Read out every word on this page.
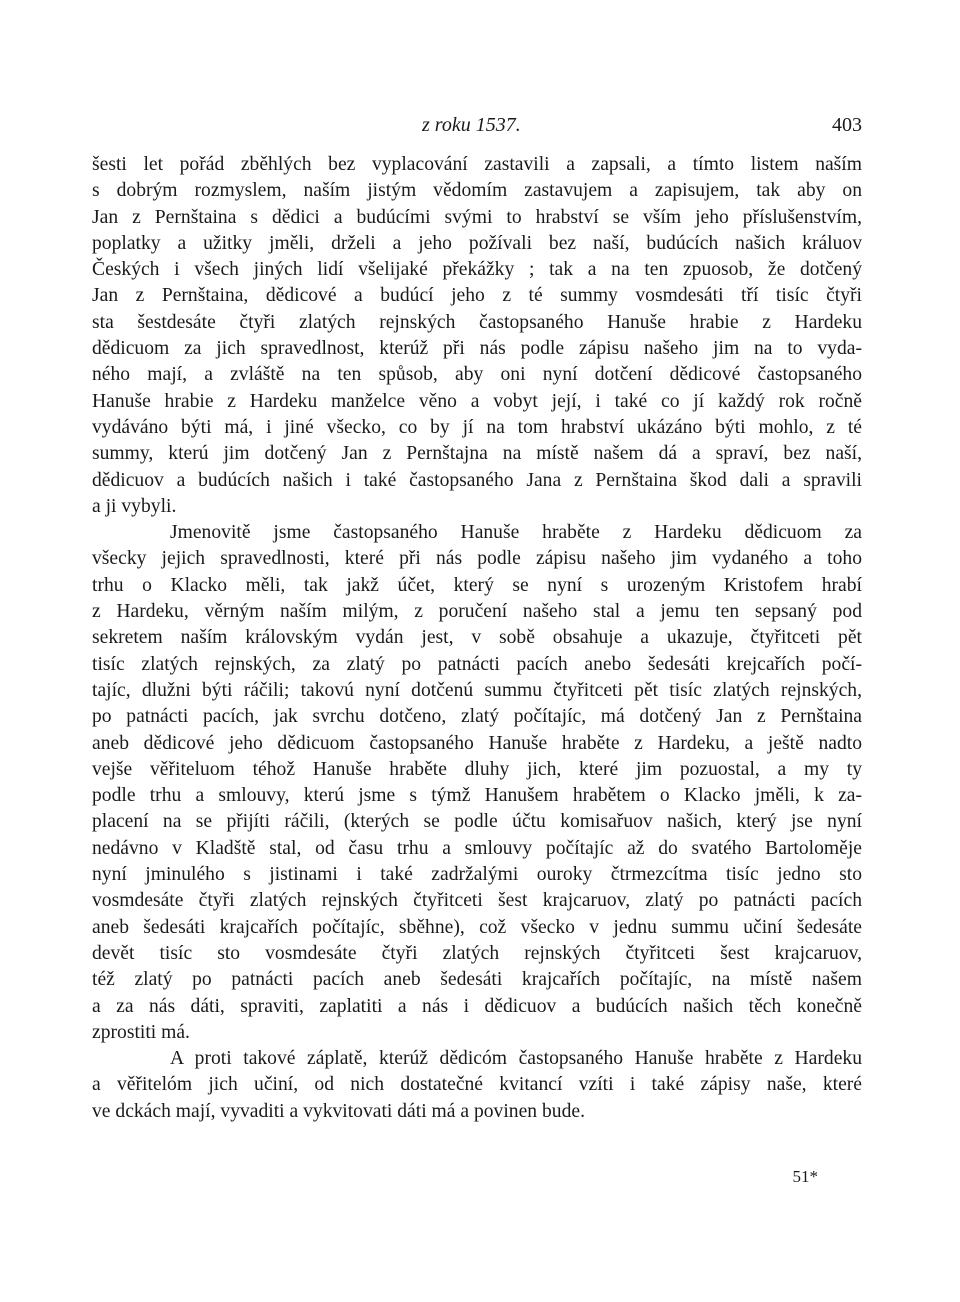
z roku 1537.	403
šesti let pořád zběhlých bez vyplacování zastavili a zapsali, a tímto listem naším
s dobrým rozmyslem, naším jistým vědomím zastavujem a zapisujem, tak aby on
Jan z Pernštaina s dědici a budúcími svými to hrabství se vším jeho příslušenstvím,
poplatky a užitky jměli, drželi a jeho požívali bez naší, budúcích našich králuov
Českých i všech jiných lidí všelijaké překážky ; tak a na ten zpuosob, že dotčený
Jan z Pernštaina, dědicové a budúcí jeho z té summy vosmdesáti tří tisíc čtyři
sta šestdesáte čtyři zlatých rejnských častopsaného Hanuše hrabie z Hardeku
dědicuom za jich spravedlnost, kterúž při nás podle zápisu našeho jim na to vyda-
ného mají, a zvláště na ten spůsob, aby oni nyní dotčení dědicové častopsaného
Hanuše hrabie z Hardeku manželce věno a vobyt její, i také co jí každý rok ročně
vydáváno býti má, i jiné všecko, co by jí na tom hrabství ukázáno býti mohlo, z té
summy, kterú jim dotčený Jan z Pernštajna na místě našem dá a spraví, bez naší,
dědicuov a budúcích našich i také častopsaného Jana z Pernštaina škod dali a spravili
a ji vybyli.
Jmenovitě jsme častopsaného Hanuše hraběte z Hardeku dědicuom za
všecky jejich spravedlnosti, které při nás podle zápisu našeho jim vydaného a toho
trhu o Klacko měli, tak jakž účet, který se nyní s urozeným Kristofem hrabí
z Hardeku, věrným naším milým, z poručení našeho stal a jemu ten sepsaný pod
sekretem naším královským vydán jest, v sobě obsahuje a ukazuje, čtyřitceti pět
tisíc zlatých rejnských, za zlatý po patnácti pacích anebo šedesáti krejcařích počí-
tajíc, dlužni býti ráčili; takovú nyní dotčenú summu čtyřitceti pět tisíc zlatých rejnských,
po patnácti pacích, jak svrchu dotčeno, zlatý počítajíc, má dotčený Jan z Pernštaina
aneb dědicové jeho dědicuom častopsaného Hanuše hraběte z Hardeku, a ještě nadto
vejše věřiteluom téhož Hanuše hraběte dluhy jich, které jim pozuostal, a my ty
podle trhu a smlouvy, kterú jsme s týmž Hanušem hrabětem o Klacko jměli, k za-
placení na se přijíti ráčili, (kterých se podle účtu komisařuov našich, který jse nyní
nedávno v Kladště stal, od času trhu a smlouvy počítajíc až do svatého Bartoloměje
nyní jminulého s jistinami i také zadržalými ouroky čtrmezcítma tisíc jedno sto
vosmdesáte čtyři zlatých rejnských čtyřitceti šest krajcaruov, zlatý po patnácti pacích
aneb šedesáti krajcařích počítajíc, sběhne), což všecko v jednu summu učiní šedesáte
devět tisíc sto vosmdesáte čtyři zlatých rejnských čtyřitceti šest krajcaruov,
též zlatý po patnácti pacích aneb šedesáti krajcařích počítajíc, na místě našem
a za nás dáti, spraviti, zaplatiti a nás i dědicuov a budúcích našich těch konečně
zprostiti má.
A proti takové záplatě, kterúž dědicóm častopsaného Hanuše hraběte z Hardeku
a věřitelóm jich učiní, od nich dostatečné kvitancí vzíti i také zápisy naše, které
ve dckách mají, vyvaditi a vykvitovati dáti má a povinen bude.
51*
